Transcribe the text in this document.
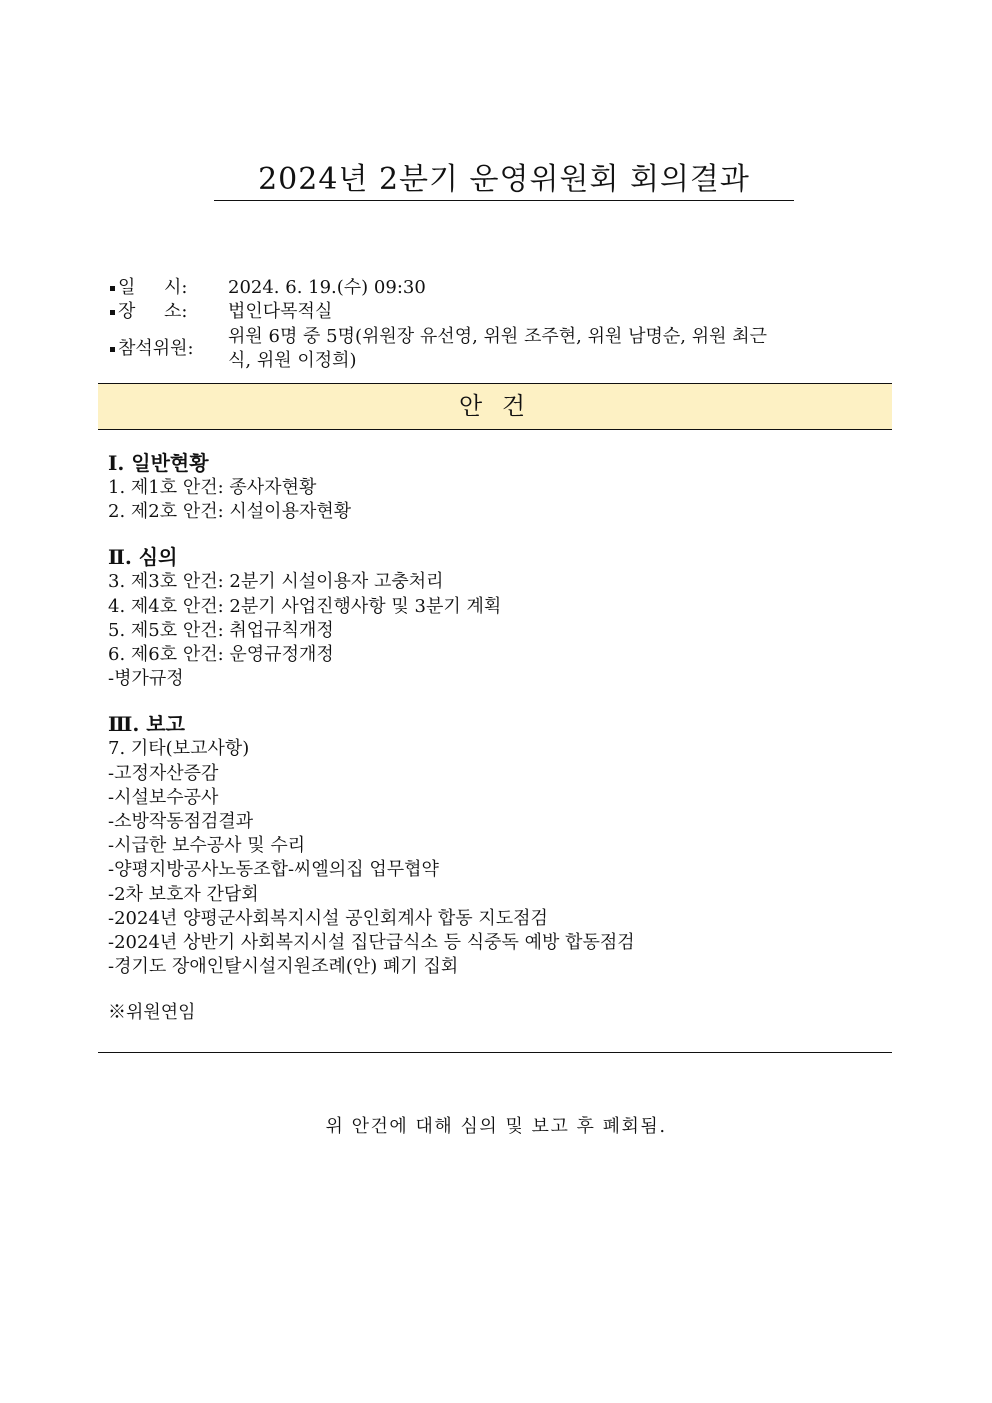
2024년 2분기 운영위원회 회의결과
일     시:	2024. 6. 19.(수) 09:30
장     소:	법인다목적실
참석위원:
위원 6명 중 5명(위원장 유선영, 위원 조주현, 위원 남명순, 위원 최근
식, 위원 이정희)
안 건
Ⅰ. 일반현황
1. 제1호 안건: 종사자현황
2. 제2호 안건: 시설이용자현황
Ⅱ. 심의
3. 제3호 안건: 2분기 시설이용자 고충처리
4. 제4호 안건: 2분기 사업진행사항 및 3분기 계획
5. 제5호 안건: 취업규칙개정
6. 제6호 안건: 운영규정개정
-병가규정
Ⅲ. 보고
7. 기타(보고사항)
-고정자산증감
-시설보수공사
-소방작동점검결과
-시급한 보수공사 및 수리
-양평지방공사노동조합-씨엘의집 업무협약
-2차 보호자 간담회
-2024년 양평군사회복지시설 공인회계사 합동 지도점검
-2024년 상반기 사회복지시설 집단급식소 등 식중독 예방 합동점검
-경기도 장애인탈시설지원조례(안) 폐기 집회
※위원연임
위 안건에 대해 심의 및 보고 후 폐회됨.
